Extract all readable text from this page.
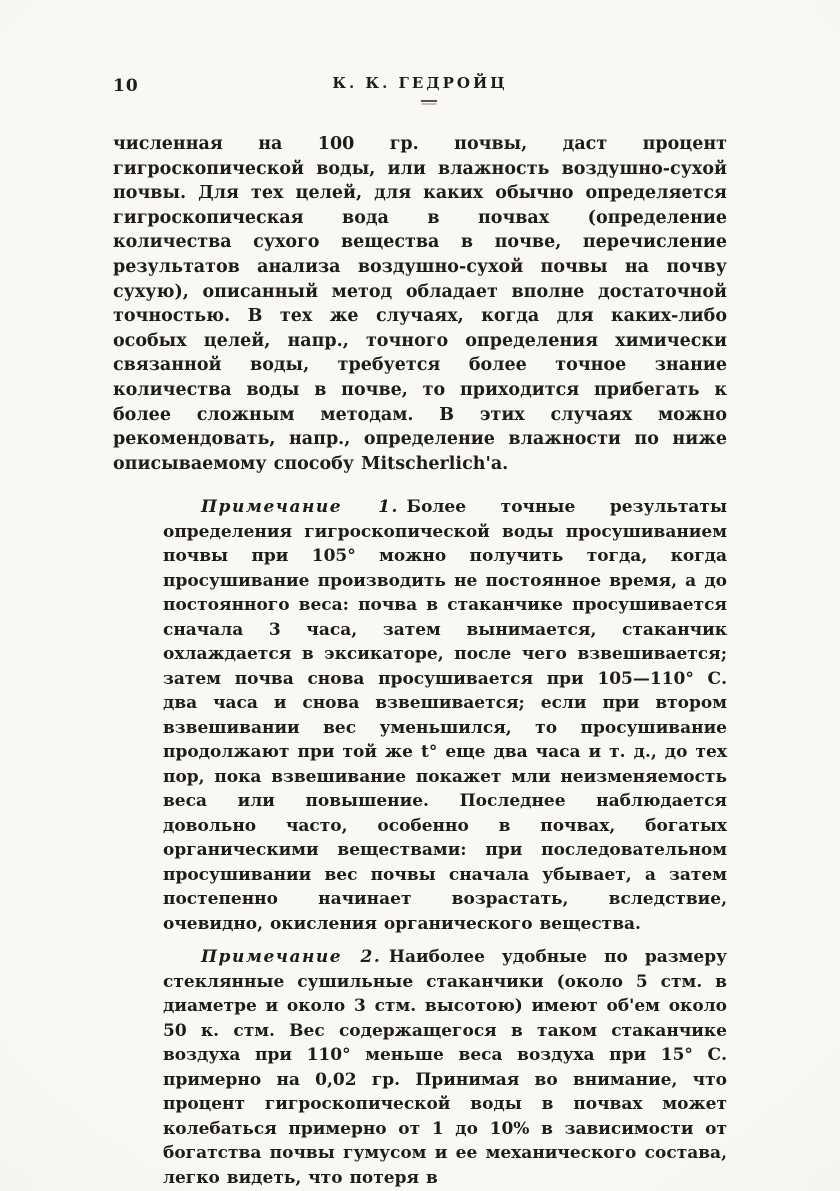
10	К. К. ГЕДРОЙЦ

численная на 100 гр. почвы, даст процент гигроскопической воды, или влажность воздушно-сухой почвы. Для тех целей, для каких обычно определяется гигроскопическая вода в почвах (определение количества сухого вещества в почве, перечисление результатов анализа воздушно-сухой почвы на почву сухую), описанный метод обладает вполне достаточной точностью. В тех же случаях, когда для каких-либо особых целей, напр., точного определения химически связанной воды, требуется более точное знание количества воды в почве, то приходится прибегать к более сложным методам. В этих случаях можно рекомендовать, напр., определение влажности по ниже описываемому способу Mitscherlich'а.

Примечание 1. Более точные результаты определения гигроскопической воды просушиванием почвы при 105° можно получить тогда, когда просушивание производить не постоянное время, а до постоянного веса: почва в стаканчике просушивается сначала 3 часа, затем вынимается, стаканчик охлаждается в эксикаторе, после чего взвешивается; затем почва снова просушивается при 105—110° С. два часа и снова взвешивается; если при втором взвешивании вес уменьшился, то просушивание продолжают при той же t° еще два часа и т. д., до тех пор, пока взвешивание покажет мли неизменяемость веса или повышение. Последнее наблюдается довольно часто, особенно в почвах, богатых органическими веществами: при последовательном просушивании вес почвы сначала убывает, а затем постепенно начинает возрастать, вследствие, очевидно, окисления органического вещества.

Примечание 2. Наиболее удобные по размеру стеклянные сушильные стаканчики (около 5 стм. в диаметре и около 3 стм. высотою) имеют об'ем около 50 к. стм. Вес содержащегося в таком стаканчике воздуха при 110° меньше веса воздуха при 15° С. примерно на 0,02 гр. Принимая во внимание, что процент гигроскопической воды в почвах может колебаться примерно от 1 до 10% в зависимости от богатства почвы гумусом и ее механического состава, легко видеть, что потеря в
